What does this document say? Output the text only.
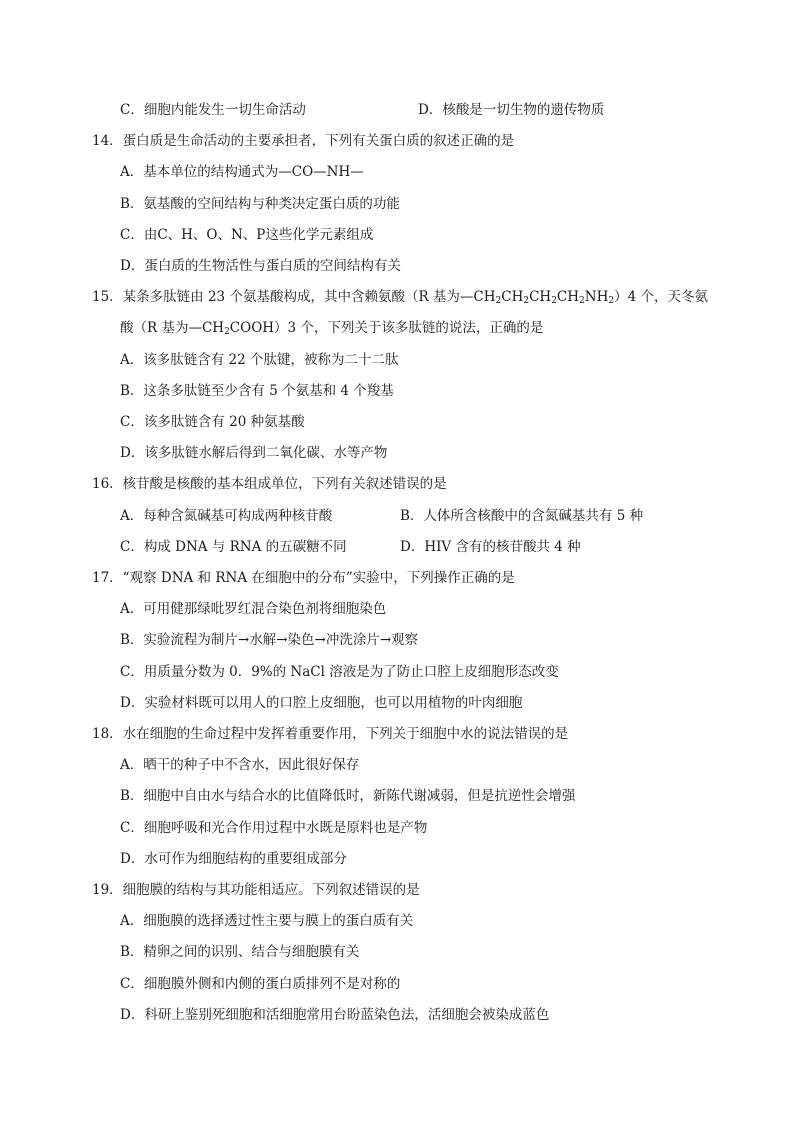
C．细胞内能发生一切生命活动	D．核酸是一切生物的遗传物质
14．蛋白质是生命活动的主要承担者，下列有关蛋白质的叙述正确的是
A．基本单位的结构通式为—CO—NH—
B．氨基酸的空间结构与种类决定蛋白质的功能
C．由C、H、O、N、P这些化学元素组成
D．蛋白质的生物活性与蛋白质的空间结构有关
15．某条多肽链由 23 个氨基酸构成，其中含赖氨酸（R 基为$—CH_2CH_2CH_2CH_2NH_2)4$ 个，天冬氨
酸（R 基为$—CH_2COOH)3$ 个，下列关于该多肽链的说法，正确的是
A．该多肽链含有 22 个肽键，被称为二十二肽
B．这条多肽链至少含有 5 个氨基和 4 个羧基
C．该多肽链含有 20 种氨基酸
D．该多肽链水解后得到二氧化碳、水等产物
16．核苷酸是核酸的基本组成单位，下列有关叙述错误的是
A．每种含氮碱基可构成两种核苷酸	B．人体所含核酸中的含氮碱基共有 5 种
C．构成 DNA 与 RNA 的五碳糖不同	D．HIV 含有的核苷酸共 4 种
17．“观察 DNA 和 RNA 在细胞中的分布”实验中，下列操作正确的是
A．可用健那绿吡罗红混合染色剂将细胞染色
B．实验流程为制片→水解→染色→冲洗涂片→观察
C．用质量分数为 0．9%的 NaCl 溶液是为了防止口腔上皮细胞形态改变
D．实验材料既可以用人的口腔上皮细胞，也可以用植物的叶肉细胞
18．水在细胞的生命过程中发挥着重要作用，下列关于细胞中水的说法错误的是
A．晒干的种子中不含水，因此很好保存
B．细胞中自由水与结合水的比值降低时，新陈代谢减弱，但是抗逆性会增强
C．细胞呼吸和光合作用过程中水既是原料也是产物
D．水可作为细胞结构的重要组成部分
19．细胞膜的结构与其功能相适应。下列叙述错误的是
A．细胞膜的选择透过性主要与膜上的蛋白质有关
B．精卵之间的识别、结合与细胞膜有关
C．细胞膜外侧和内侧的蛋白质排列不是对称的
D．科研上鉴别死细胞和活细胞常用台盼蓝染色法，活细胞会被染成蓝色
